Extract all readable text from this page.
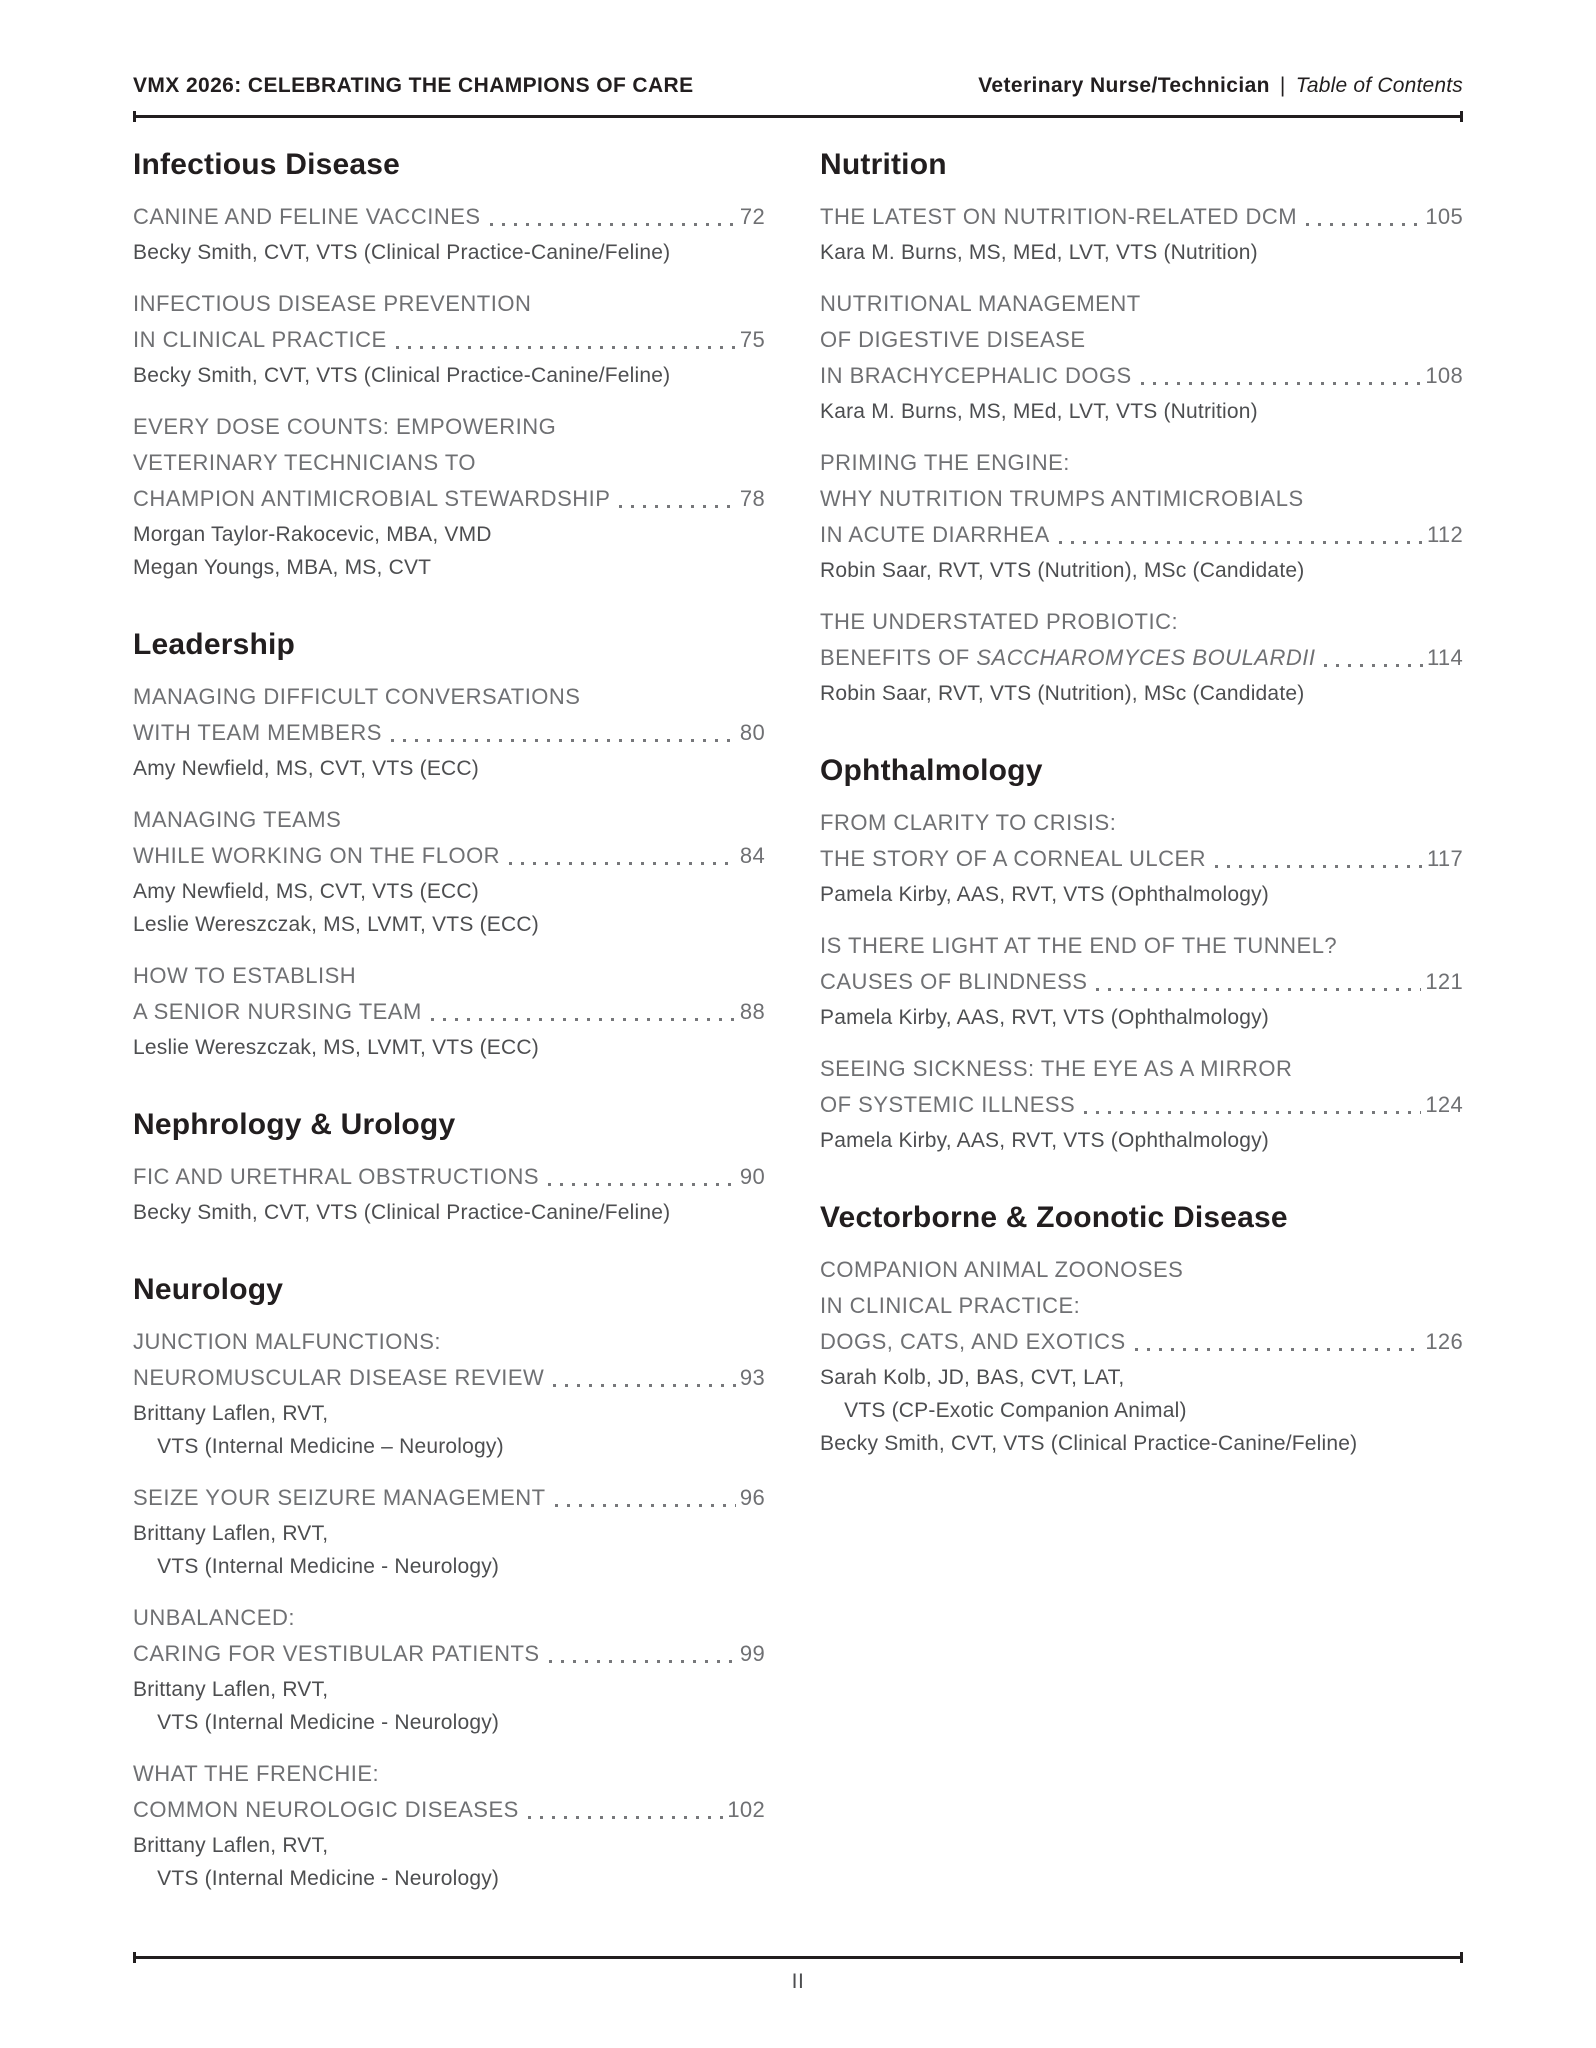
VMX 2026: CELEBRATING THE CHAMPIONS OF CARE	Veterinary Nurse/Technician | Table of Contents
Infectious Disease
CANINE AND FELINE VACCINES	72
Becky Smith, CVT, VTS (Clinical Practice-Canine/Feline)
INFECTIOUS DISEASE PREVENTION
IN CLINICAL PRACTICE	75
Becky Smith, CVT, VTS (Clinical Practice-Canine/Feline)
EVERY DOSE COUNTS: EMPOWERING
VETERINARY TECHNICIANS TO
CHAMPION ANTIMICROBIAL STEWARDSHIP	78
Morgan Taylor-Rakocevic, MBA, VMD
Megan Youngs, MBA, MS, CVT
Leadership
MANAGING DIFFICULT CONVERSATIONS
WITH TEAM MEMBERS	80
Amy Newfield, MS, CVT, VTS (ECC)
MANAGING TEAMS
WHILE WORKING ON THE FLOOR	84
Amy Newfield, MS, CVT, VTS (ECC)
Leslie Wereszczak, MS, LVMT, VTS (ECC)
HOW TO ESTABLISH
A SENIOR NURSING TEAM	88
Leslie Wereszczak, MS, LVMT, VTS (ECC)
Nephrology & Urology
FIC AND URETHRAL OBSTRUCTIONS	90
Becky Smith, CVT, VTS (Clinical Practice-Canine/Feline)
Neurology
JUNCTION MALFUNCTIONS:
NEUROMUSCULAR DISEASE REVIEW	93
Brittany Laflen, RVT,
VTS (Internal Medicine – Neurology)
SEIZE YOUR SEIZURE MANAGEMENT	96
Brittany Laflen, RVT,
VTS (Internal Medicine - Neurology)
UNBALANCED:
CARING FOR VESTIBULAR PATIENTS	99
Brittany Laflen, RVT,
VTS (Internal Medicine - Neurology)
WHAT THE FRENCHIE:
COMMON NEUROLOGIC DISEASES	102
Brittany Laflen, RVT,
VTS (Internal Medicine - Neurology)
Nutrition
THE LATEST ON NUTRITION-RELATED DCM	105
Kara M. Burns, MS, MEd, LVT, VTS (Nutrition)
NUTRITIONAL MANAGEMENT
OF DIGESTIVE DISEASE
IN BRACHYCEPHALIC DOGS	108
Kara M. Burns, MS, MEd, LVT, VTS (Nutrition)
PRIMING THE ENGINE:
WHY NUTRITION TRUMPS ANTIMICROBIALS
IN ACUTE DIARRHEA	112
Robin Saar, RVT, VTS (Nutrition), MSc (Candidate)
THE UNDERSTATED PROBIOTIC:
BENEFITS OF SACCHAROMYCES BOULARDII	114
Robin Saar, RVT, VTS (Nutrition), MSc (Candidate)
Ophthalmology
FROM CLARITY TO CRISIS:
THE STORY OF A CORNEAL ULCER	117
Pamela Kirby, AAS, RVT, VTS (Ophthalmology)
IS THERE LIGHT AT THE END OF THE TUNNEL?
CAUSES OF BLINDNESS	121
Pamela Kirby, AAS, RVT, VTS (Ophthalmology)
SEEING SICKNESS: THE EYE AS A MIRROR
OF SYSTEMIC ILLNESS	124
Pamela Kirby, AAS, RVT, VTS (Ophthalmology)
Vectorborne & Zoonotic Disease
COMPANION ANIMAL ZOONOSES
IN CLINICAL PRACTICE:
DOGS, CATS, AND EXOTICS	126
Sarah Kolb, JD, BAS, CVT, LAT,
VTS (CP-Exotic Companion Animal)
Becky Smith, CVT, VTS (Clinical Practice-Canine/Feline)
II
